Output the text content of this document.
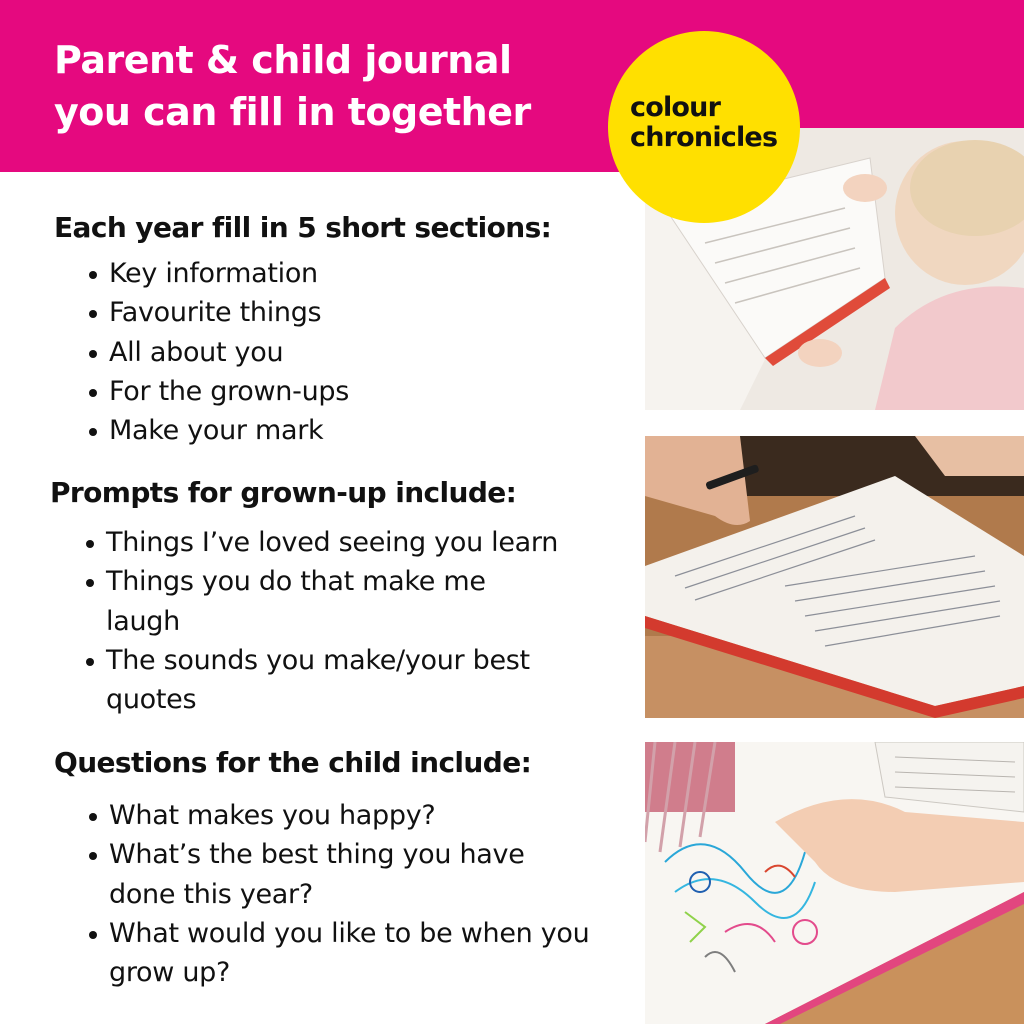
Parent & child journal
you can fill in together	colour
chronicles
Each year fill in 5 short sections:
Key information
Favourite things
All about you
For the grown-ups
Make your mark
Prompts for grown-up include:
Things I’ve loved seeing you learn
Things you do that make me laugh
The sounds you make/your best quotes
Questions for the child include:
What makes you happy?
What’s the best thing you have done this year?
What would you like to be when you grow up?
